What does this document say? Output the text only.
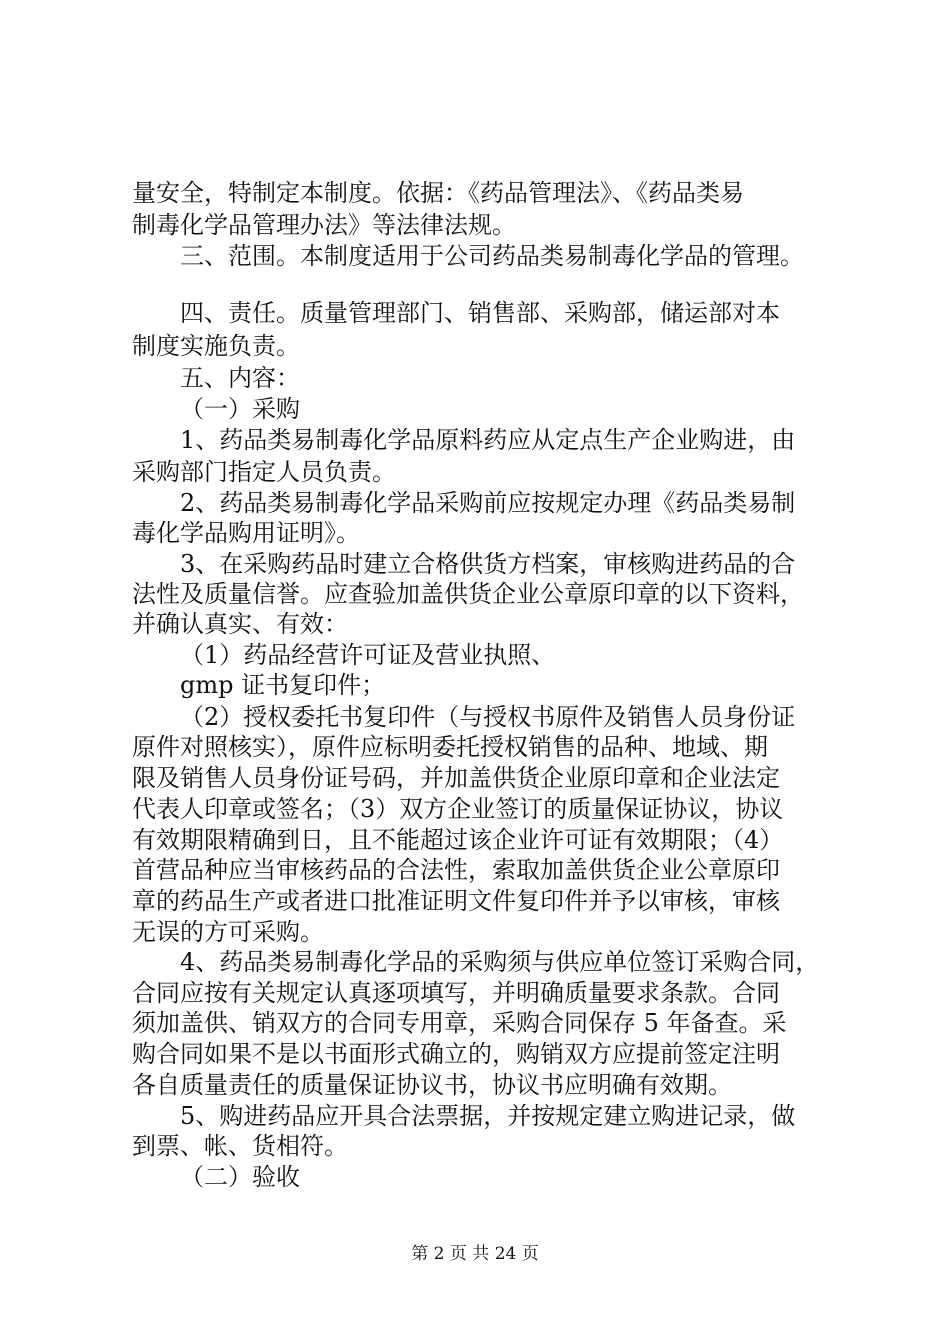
量安全，特制定本制度。依据：《药品管理法》、《药品类易
制毒化学品管理办法》等法律法规。
三、范围。本制度适用于公司药品类易制毒化学品的管理。
四、责任。质量管理部门、销售部、采购部，储运部对本
制度实施负责。
五、内容：
（一）采购
1、药品类易制毒化学品原料药应从定点生产企业购进，由
采购部门指定人员负责。
2、药品类易制毒化学品采购前应按规定办理《药品类易制
毒化学品购用证明》。
3、在采购药品时建立合格供货方档案，审核购进药品的合
法性及质量信誉。应查验加盖供货企业公章原印章的以下资料，
并确认真实、有效：
（1）药品经营许可证及营业执照、
gmp 证书复印件；
（2）授权委托书复印件（与授权书原件及销售人员身份证
原件对照核实），原件应标明委托授权销售的品种、地域、期
限及销售人员身份证号码，并加盖供货企业原印章和企业法定
代表人印章或签名；（3）双方企业签订的质量保证协议，协议
有效期限精确到日，且不能超过该企业许可证有效期限；（4）
首营品种应当审核药品的合法性，索取加盖供货企业公章原印
章的药品生产或者进口批准证明文件复印件并予以审核，审核
无误的方可采购。
4、药品类易制毒化学品的采购须与供应单位签订采购合同，
合同应按有关规定认真逐项填写，并明确质量要求条款。合同
须加盖供、销双方的合同专用章，采购合同保存 5 年备查。采
购合同如果不是以书面形式确立的，购销双方应提前签定注明
各自质量责任的质量保证协议书，协议书应明确有效期。
5、购进药品应开具合法票据，并按规定建立购进记录，做
到票、帐、货相符。
（二）验收
第 2 页 共 24 页
